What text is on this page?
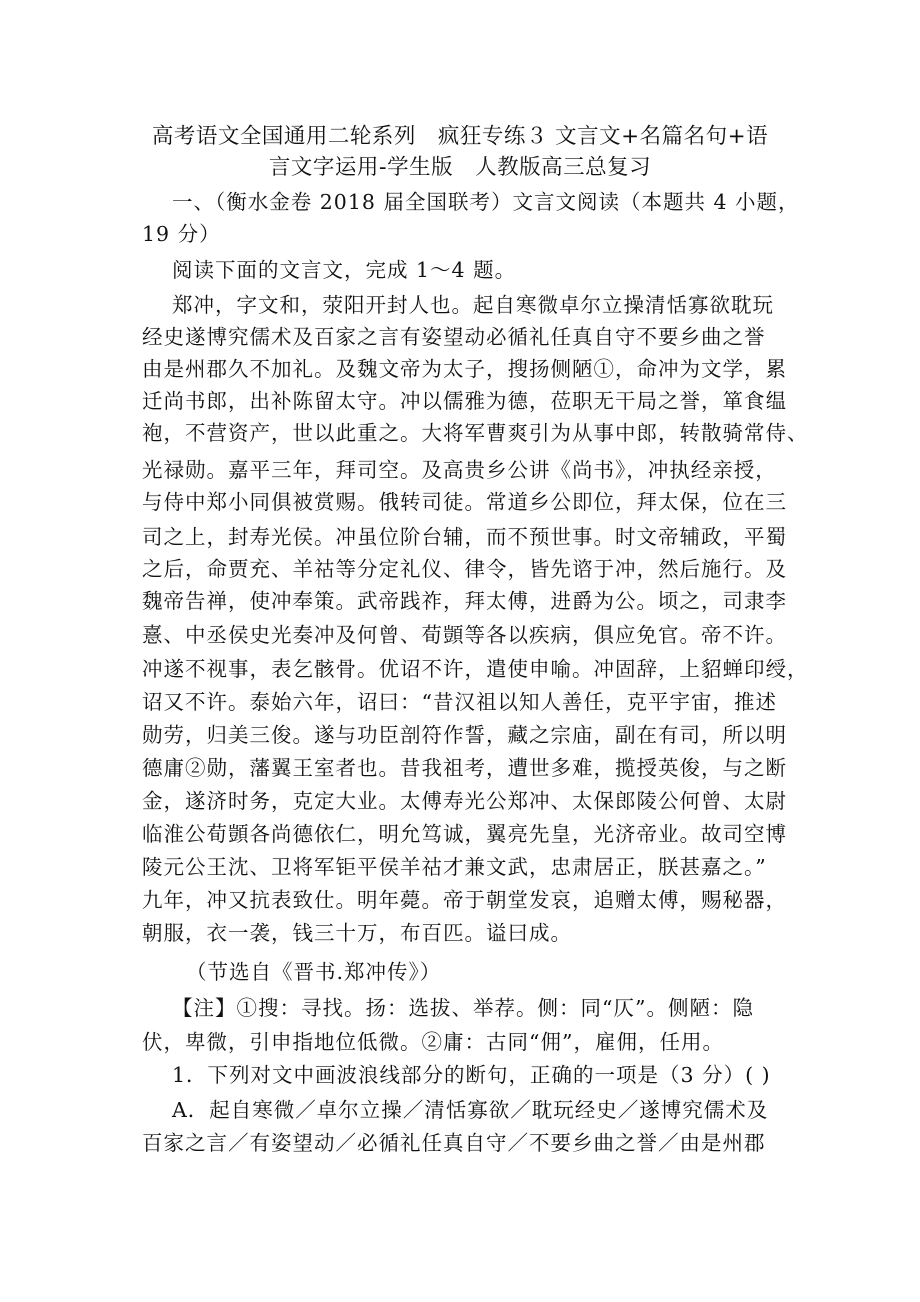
高考语文全国通用二轮系列　疯狂专练３ 文言文+名篇名句+语
言文字运用-学生版　人教版高三总复习
一、（衡水金卷 2018 届全国联考）文言文阅读（本题共 4 小题，
19 分）
阅读下面的文言文，完成 1～4 题。
郑冲，字文和，荥阳开封人也。起自寒微卓尔立操清恬寡欲耽玩
经史遂博究儒术及百家之言有姿望动必循礼任真自守不要乡曲之誉
由是州郡久不加礼。及魏文帝为太子，搜扬侧陋①，命冲为文学，累
迁尚书郎，出补陈留太守。冲以儒雅为德，莅职无干局之誉，箪食缊
袍，不营资产，世以此重之。大将军曹爽引为从事中郎，转散骑常侍、
光禄勋。嘉平三年，拜司空。及高贵乡公讲《尚书》，冲执经亲授，
与侍中郑小同俱被赏赐。俄转司徒。常道乡公即位，拜太保，位在三
司之上，封寿光侯。冲虽位阶台辅，而不预世事。时文帝辅政，平蜀
之后，命贾充、羊祜等分定礼仪、律令，皆先谘于冲，然后施行。及
魏帝告禅，使冲奉策。武帝践祚，拜太傅，进爵为公。顷之，司隶李
憙、中丞侯史光奏冲及何曾、荀顗等各以疾病，俱应免官。帝不许。
冲遂不视事，表乞骸骨。优诏不许，遣使申喻。冲固辞，上貂蝉印绶，
诏又不许。泰始六年，诏曰：“昔汉祖以知人善任，克平宇宙，推述
勋劳，归美三俊。遂与功臣剖符作誓，藏之宗庙，副在有司，所以明
德庸②勋，藩翼王室者也。昔我祖考，遭世多难，揽授英俊，与之断
金，遂济时务，克定大业。太傅寿光公郑冲、太保郎陵公何曾、太尉
临淮公荀顗各尚德依仁，明允笃诚，翼亮先皇，光济帝业。故司空博
陵元公王沈、卫将军钜平侯羊祜才兼文武，忠肃居正，朕甚嘉之。”
九年，冲又抗表致仕。明年薨。帝于朝堂发哀，追赠太傅，赐秘器，
朝服，衣一袭，钱三十万，布百匹。谥曰成。
（节选自《晋书.郑冲传》）
【注】①搜：寻找。扬：选拔、举荐。侧：同“仄”。侧陋：隐
伏，卑微，引申指地位低微。②庸：古同“佣”，雇佣，任用。
1．下列对文中画波浪线部分的断句，正确的一项是（3 分）( )
A．起自寒微／卓尔立操／清恬寡欲／耽玩经史／遂博究儒术及
百家之言／有姿望动／必循礼任真自守／不要乡曲之誉／由是州郡
